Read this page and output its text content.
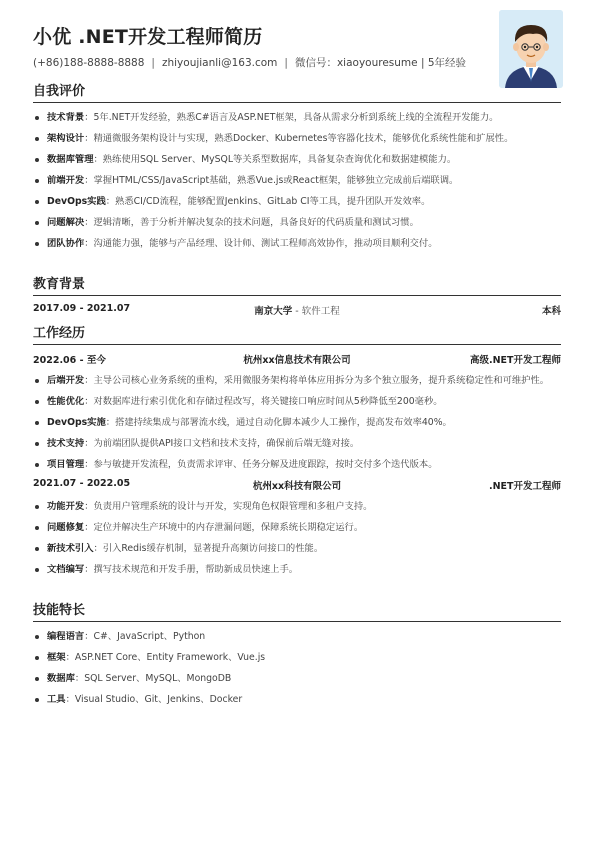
小优 .NET开发工程师简历
(+86)188-8888-8888 | zhiyoujianli@163.com | 微信号：xiaoyouresume | 5年经验
自我评价
技术背景：5年.NET开发经验，熟悉C#语言及ASP.NET框架，具备从需求分析到系统上线的全流程开发能力。
架构设计：精通微服务架构设计与实现，熟悉Docker、Kubernetes等容器化技术，能够优化系统性能和扩展性。
数据库管理：熟练使用SQL Server、MySQL等关系型数据库，具备复杂查询优化和数据建模能力。
前端开发：掌握HTML/CSS/JavaScript基础，熟悉Vue.js或React框架，能够独立完成前后端联调。
DevOps实践：熟悉CI/CD流程，能够配置Jenkins、GitLab CI等工具，提升团队开发效率。
问题解决：逻辑清晰，善于分析并解决复杂的技术问题，具备良好的代码质量和测试习惯。
团队协作：沟通能力强，能够与产品经理、设计师、测试工程师高效协作，推动项目顺利交付。
教育背景
2017.09 - 2021.07	南京大学 - 软件工程	本科
工作经历
2022.06 - 至今	杭州xx信息技术有限公司	高级.NET开发工程师
后端开发：主导公司核心业务系统的重构，采用微服务架构将单体应用拆分为多个独立服务，提升系统稳定性和可维护性。
性能优化：对数据库进行索引优化和存储过程改写，将关键接口响应时间从5秒降低至200毫秒。
DevOps实施：搭建持续集成与部署流水线，通过自动化脚本减少人工操作，提高发布效率40%。
技术支持：为前端团队提供API接口文档和技术支持，确保前后端无缝对接。
项目管理：参与敏捷开发流程，负责需求评审、任务分解及进度跟踪，按时交付多个迭代版本。
2021.07 - 2022.05	杭州xx科技有限公司	.NET开发工程师
功能开发：负责用户管理系统的设计与开发，实现角色权限管理和多租户支持。
问题修复：定位并解决生产环境中的内存泄漏问题，保障系统长期稳定运行。
新技术引入：引入Redis缓存机制，显著提升高频访问接口的性能。
文档编写：撰写技术规范和开发手册，帮助新成员快速上手。
技能特长
编程语言：C#、JavaScript、Python
框架：ASP.NET Core、Entity Framework、Vue.js
数据库：SQL Server、MySQL、MongoDB
工具：Visual Studio、Git、Jenkins、Docker
